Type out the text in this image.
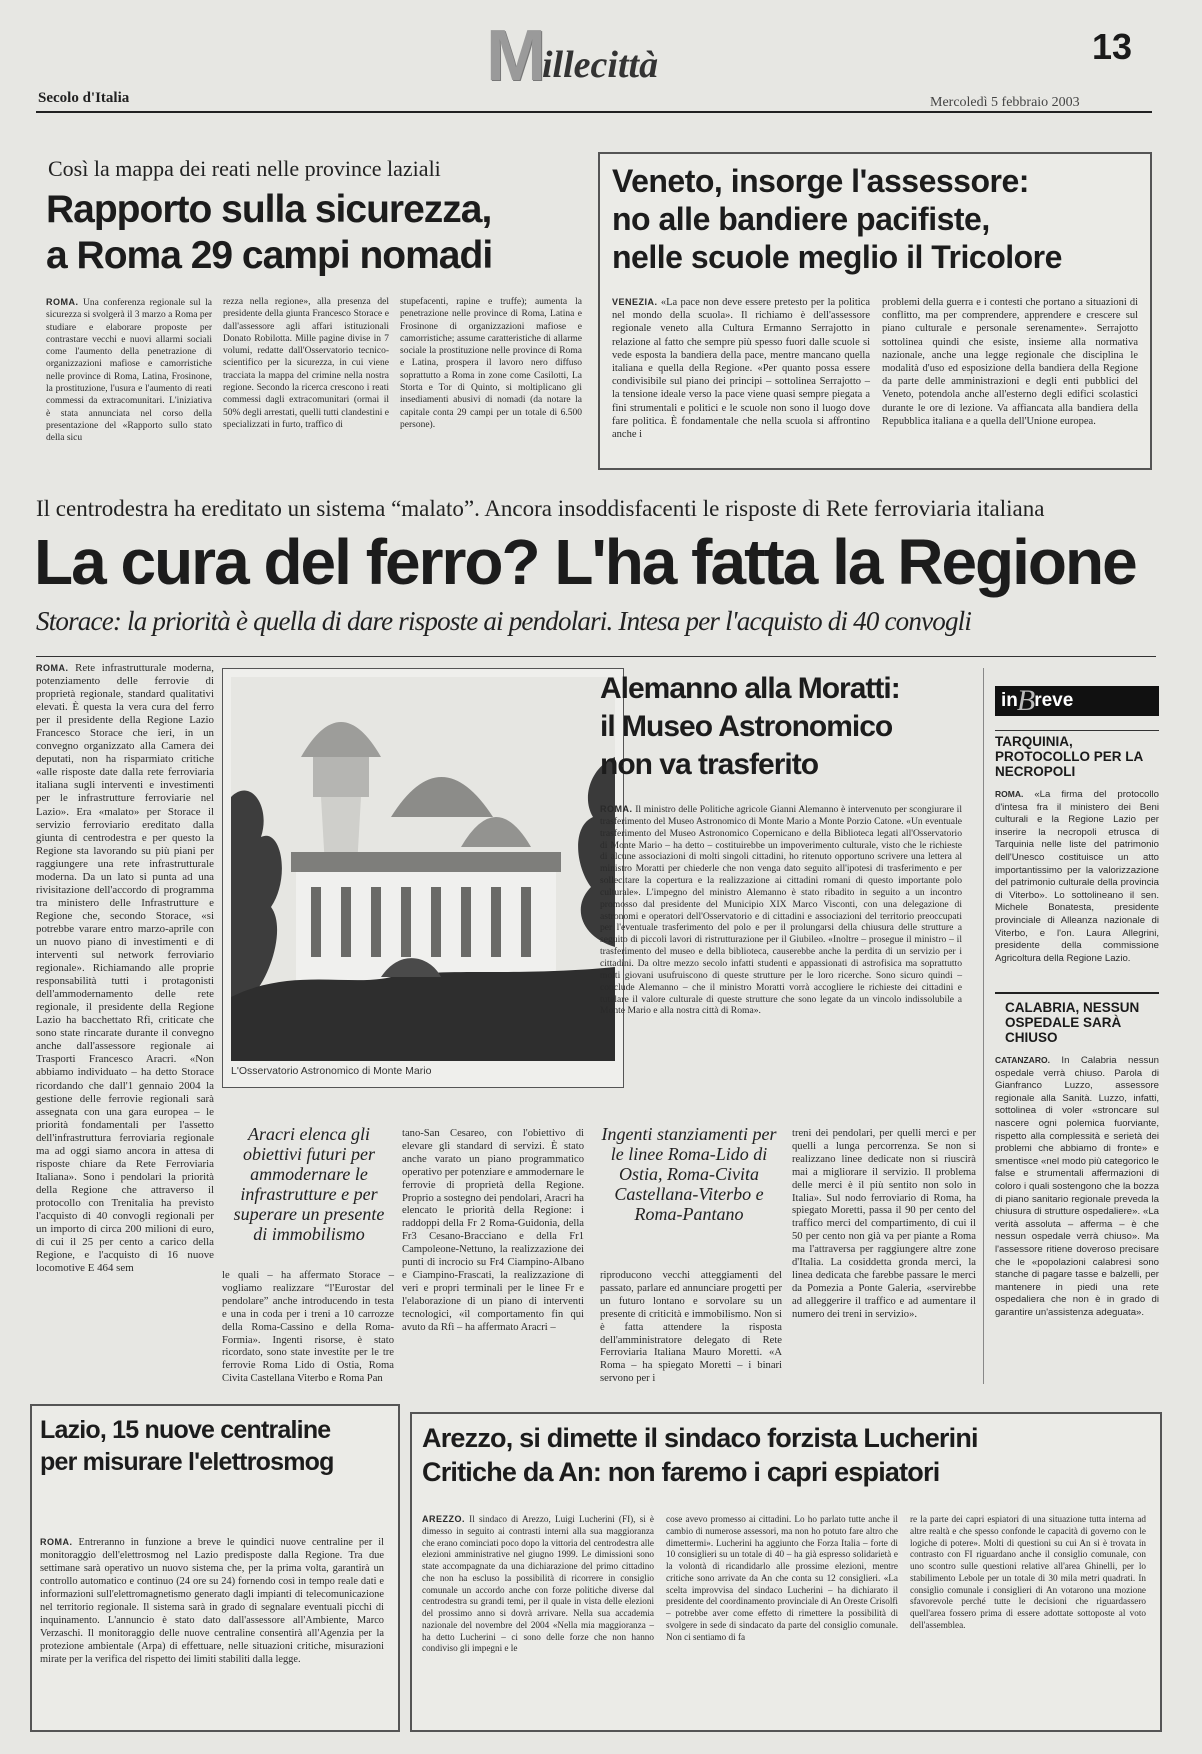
M
illecittà	13
Secolo d'Italia	Mercoledì 5 febbraio 2003
Così la mappa dei reati nelle province laziali
Rapporto sulla sicurezza,
a Roma 29 campi nomadi
ROMA. Una conferenza regionale sul la sicurezza si svolgerà il 3 marzo a Roma per studiare e elaborare proposte per contrastare vecchi e nuovi allarmi sociali come l'aumento della penetrazione di organizzazioni mafiose e camorristiche nelle province di Roma, Latina, Frosinone, la prostituzione, l'usura e l'aumento di reati commessi da extracomunitari. L'iniziativa è stata annunciata nel corso della presentazione del «Rapporto sullo stato della sicu
rezza nella regione», alla presenza del presidente della giunta Francesco Storace e dall'assessore agli affari istituzionali Donato Robilotta. Mille pagine divise in 7 volumi, redatte dall'Osservatorio tecnico-scientifico per la sicurezza, in cui viene tracciata la mappa del crimine nella nostra regione. Secondo la ricerca crescono i reati commessi dagli extracomunitari (ormai il 50% degli arrestati, quelli tutti clandestini e specializzati in furto, traffico di
stupefacenti, rapine e truffe); aumenta la penetrazione nelle province di Roma, Latina e Frosinone di organizzazioni mafiose e camorristiche; assume caratteristiche di allarme sociale la prostituzione nelle province di Roma e Latina, prospera il lavoro nero diffuso soprattutto a Roma in zone come Casilotti, La Storta e Tor di Quinto, si moltiplicano gli insediamenti abusivi di nomadi (da notare la capitale conta 29 campi per un totale di 6.500 persone).
Veneto, insorge l'assessore:
no alle bandiere pacifiste,
nelle scuole meglio il Tricolore
VENEZIA. «La pace non deve essere pretesto per la politica nel mondo della scuola». Il richiamo è dell'assessore regionale veneto alla Cultura Ermanno Serrajotto in relazione al fatto che sempre più spesso fuori dalle scuole si vede esposta la bandiera della pace, mentre mancano quella italiana e quella della Regione. «Per quanto possa essere condivisibile sul piano dei principi – sottolinea Serrajotto – la tensione ideale verso la pace viene quasi sempre piegata a fini strumentali e politici e le scuole non sono il luogo dove fare politica. È fondamentale che nella scuola si affrontino anche i
problemi della guerra e i contesti che portano a situazioni di conflitto, ma per comprendere, apprendere e crescere sul piano culturale e personale serenamente». Serrajotto sottolinea quindi che esiste, insieme alla normativa nazionale, anche una legge regionale che disciplina le modalità d'uso ed esposizione della bandiera della Regione da parte delle amministrazioni e degli enti pubblici del Veneto, potendola anche all'esterno degli edifici scolastici durante le ore di lezione. Va affiancata alla bandiera della Repubblica italiana e a quella dell'Unione europea.
Il centrodestra ha ereditato un sistema “malato”. Ancora insoddisfacenti le risposte di Rete ferroviaria italiana
La cura del ferro? L'ha fatta la Regione
Storace: la priorità è quella di dare risposte ai pendolari. Intesa per l'acquisto di 40 convogli
ROMA. Rete infrastrutturale moderna, potenziamento delle ferrovie di proprietà regionale, standard qualitativi elevati. È questa la vera cura del ferro per il presidente della Regione Lazio Francesco Storace che ieri, in un convegno organizzato alla Camera dei deputati, non ha risparmiato critiche «alle risposte date dalla rete ferroviaria italiana sugli interventi e investimenti per le infrastrutture ferroviarie nel Lazio». Era «malato» per Storace il servizio ferroviario ereditato dalla giunta di centrodestra e per questo la Regione sta lavorando su più piani per raggiungere una rete infrastrutturale moderna. Da un lato si punta ad una rivisitazione dell'accordo di programma tra ministero delle Infrastrutture e Regione che, secondo Storace, «si potrebbe varare entro marzo-aprile con un nuovo piano di investimenti e di interventi sul network ferroviario regionale». Richiamando alle proprie responsabilità tutti i protagonisti dell'ammodernamento delle rete regionale, il presidente della Regione Lazio ha bacchettato Rfi, criticate che sono state rincarate durante il convegno anche dall'assessore regionale ai Trasporti Francesco Aracri. «Non abbiamo individuato – ha detto Storace ricordando che dall'1 gennaio 2004 la gestione delle ferrovie regionali sarà assegnata con una gara europea – le priorità fondamentali per l'assetto dell'infrastruttura ferroviaria regionale ma ad oggi siamo ancora in attesa di risposte chiare da Rete Ferroviaria Italiana». Sono i pendolari la priorità della Regione che attraverso il protocollo con Trenitalia ha previsto l'acquisto di 40 convogli regionali per un importo di circa 200 milioni di euro, di cui il 25 per cento a carico della Regione, e l'acquisto di 16 nuove locomotive E 464 sem
L'Osservatorio Astronomico di Monte Mario
Alemanno alla Moratti:
il Museo Astronomico
non va trasferito
ROMA. Il ministro delle Politiche agricole Gianni Alemanno è intervenuto per scongiurare il trasferimento del Museo Astronomico di Monte Mario a Monte Porzio Catone. «Un eventuale trasferimento del Museo Astronomico Copernicano e della Biblioteca legati all'Osservatorio di Monte Mario – ha detto – costituirebbe un impoverimento culturale, visto che le richieste di alcune associazioni di molti singoli cittadini, ho ritenuto opportuno scrivere una lettera al ministro Moratti per chiederle che non venga dato seguito all'ipotesi di trasferimento e per sollecitare la copertura e la realizzazione ai cittadini romani di questo importante polo culturale». L'impegno del ministro Alemanno è stato ribadito in seguito a un incontro promosso dal presidente del Municipio XIX Marco Visconti, con una delegazione di astronomi e operatori dell'Osservatorio e di cittadini e associazioni del territorio preoccupati per l'eventuale trasferimento del polo e per il prolungarsi della chiusura delle strutture a seguito di piccoli lavori di ristrutturazione per il Giubileo. «Inoltre – prosegue il ministro – il trasferimento del museo e della biblioteca, causerebbe anche la perdita di un servizio per i cittadini. Da oltre mezzo secolo infatti studenti e appassionati di astrofisica ma soprattutto molti giovani usufruiscono di queste strutture per le loro ricerche. Sono sicuro quindi – conclude Alemanno – che il ministro Moratti vorrà accogliere le richieste dei cittadini e tutelare il valore culturale di queste strutture che sono legate da un vincolo indissolubile a Monte Mario e alla nostra città di Roma».
in B reve
TARQUINIA, PROTOCOLLO PER LA NECROPOLI
ROMA. «La firma del protocollo d'intesa fra il ministero dei Beni culturali e la Regione Lazio per inserire la necropoli etrusca di Tarquinia nelle liste del patrimonio dell'Unesco costituisce un atto importantissimo per la valorizzazione del patrimonio culturale della provincia di Viterbo». Lo sottolineano il sen. Michele Bonatesta, presidente provinciale di Alleanza nazionale di Viterbo, e l'on. Laura Allegrini, presidente della commissione Agricoltura della Regione Lazio.
CALABRIA, NESSUN OSPEDALE SARÀ CHIUSO
CATANZARO. In Calabria nessun ospedale verrà chiuso. Parola di Gianfranco Luzzo, assessore regionale alla Sanità. Luzzo, infatti, sottolinea di voler «stroncare sul nascere ogni polemica fuorviante, rispetto alla complessità e serietà dei problemi che abbiamo di fronte» e smentisce «nel modo più categorico le false e strumentali affermazioni di coloro i quali sostengono che la bozza di piano sanitario regionale preveda la chiusura di strutture ospedaliere». «La verità assoluta – afferma – è che nessun ospedale verrà chiuso». Ma l'assessore ritiene doveroso precisare che le «popolazioni calabresi sono stanche di pagare tasse e balzelli, per mantenere in piedi una rete ospedaliera che non è in grado di garantire un'assistenza adeguata».
Aracri elenca gli obiettivi futuri per ammodernare le infrastrutture e per superare un presente di immobilismo
le quali – ha affermato Storace – vogliamo realizzare “l'Eurostar del pendolare” anche introducendo in testa e una in coda per i treni a 10 carrozze della Roma-Cassino e della Roma-Formia». Ingenti risorse, è stato ricordato, sono state investite per le tre ferrovie Roma Lido di Ostia, Roma Civita Castellana Viterbo e Roma Pan
tano-San Cesareo, con l'obiettivo di elevare gli standard di servizi. È stato anche varato un piano programmatico operativo per potenziare e ammodernare le ferrovie di proprietà della Regione. Proprio a sostegno dei pendolari, Aracri ha elencato le priorità della Regione: i raddoppi della Fr 2 Roma-Guidonia, della Fr3 Cesano-Bracciano e della Fr1 Campoleone-Nettuno, la realizzazione dei punti di incrocio su Fr4 Ciampino-Albano e Ciampino-Frascati, la realizzazione di veri e propri terminali per le linee Fr e l'elaborazione di un piano di interventi tecnologici, «il comportamento fin qui avuto da Rfi – ha affermato Aracri –
Ingenti stanziamenti per le linee Roma-Lido di Ostia, Roma-Civita Castellana-Viterbo e Roma-Pantano
riproducono vecchi atteggiamenti del passato, parlare ed annunciare progetti per un futuro lontano e sorvolare su un presente di criticità e immobilismo. Non si è fatta attendere la risposta dell'amministratore delegato di Rete Ferroviaria Italiana Mauro Moretti. «A Roma – ha spiegato Moretti – i binari servono per i
treni dei pendolari, per quelli merci e per quelli a lunga percorrenza. Se non si realizzano linee dedicate non si riuscirà mai a migliorare il servizio. Il problema delle merci è il più sentito non solo in Italia». Sul nodo ferroviario di Roma, ha spiegato Moretti, passa il 90 per cento del traffico merci del compartimento, di cui il 50 per cento non già va per piante a Roma ma l'attraversa per raggiungere altre zone d'Italia. La cosiddetta gronda merci, la linea dedicata che farebbe passare le merci da Pomezia a Ponte Galeria, «servirebbe ad alleggerire il traffico e ad aumentare il numero dei treni in servizio».
Lazio, 15 nuove centraline
per misurare l'elettrosmog
ROMA. Entreranno in funzione a breve le quindici nuove centraline per il monitoraggio dell'elettrosmog nel Lazio predisposte dalla Regione. Tra due settimane sarà operativo un nuovo sistema che, per la prima volta, garantirà un controllo automatico e continuo (24 ore su 24) fornendo così in tempo reale dati e informazioni sull'elettromagnetismo generato dagli impianti di telecomunicazione nel territorio regionale. Il sistema sarà in grado di segnalare eventuali picchi di inquinamento. L'annuncio è stato dato dall'assessore all'Ambiente, Marco Verzaschi. Il monitoraggio delle nuove centraline consentirà all'Agenzia per la protezione ambientale (Arpa) di effettuare, nelle situazioni critiche, misurazioni mirate per la verifica del rispetto dei limiti stabiliti dalla legge.
Arezzo, si dimette il sindaco forzista Lucherini
Critiche da An: non faremo i capri espiatori
AREZZO. Il sindaco di Arezzo, Luigi Lucherini (FI), si è dimesso in seguito ai contrasti interni alla sua maggioranza che erano cominciati poco dopo la vittoria del centrodestra alle elezioni amministrative nel giugno 1999. Le dimissioni sono state accompagnate da una dichiarazione del primo cittadino che non ha escluso la possibilità di ricorrere in consiglio comunale un accordo anche con forze politiche diverse dal centrodestra su grandi temi, per il quale in vista delle elezioni del prossimo anno si dovrà arrivare. Nella sua accademia nazionale del novembre del 2004 «Nella mia maggioranza – ha detto Lucherini – ci sono delle forze che non hanno condiviso gli impegni e le
cose avevo promesso ai cittadini. Lo ho parlato tutte anche il cambio di numerose assessori, ma non ho potuto fare altro che dimettermi». Lucherini ha aggiunto che Forza Italia – forte di 10 consiglieri su un totale di 40 – ha già espresso solidarietà e la volontà di ricandidarlo alle prossime elezioni, mentre critiche sono arrivate da An che conta su 12 consiglieri. «La scelta improvvisa del sindaco Lucherini – ha dichiarato il presidente del coordinamento provinciale di An Oreste Crisolfi – potrebbe aver come effetto di rimettere la possibilità di svolgere in sede di sindacato da parte del consiglio comunale. Non ci sentiamo di fa
re la parte dei capri espiatori di una situazione tutta interna ad altre realtà e che spesso confonde le capacità di governo con le logiche di potere». Molti di questioni su cui An si è trovata in contrasto con FI riguardano anche il consiglio comunale, con uno scontro sulle questioni relative all'area Ghinelli, per lo stabilimento Lebole per un totale di 30 mila metri quadrati. In consiglio comunale i consiglieri di An votarono una mozione sfavorevole perché tutte le decisioni che riguardassero quell'area fossero prima di essere adottate sottoposte al voto dell'assemblea.
